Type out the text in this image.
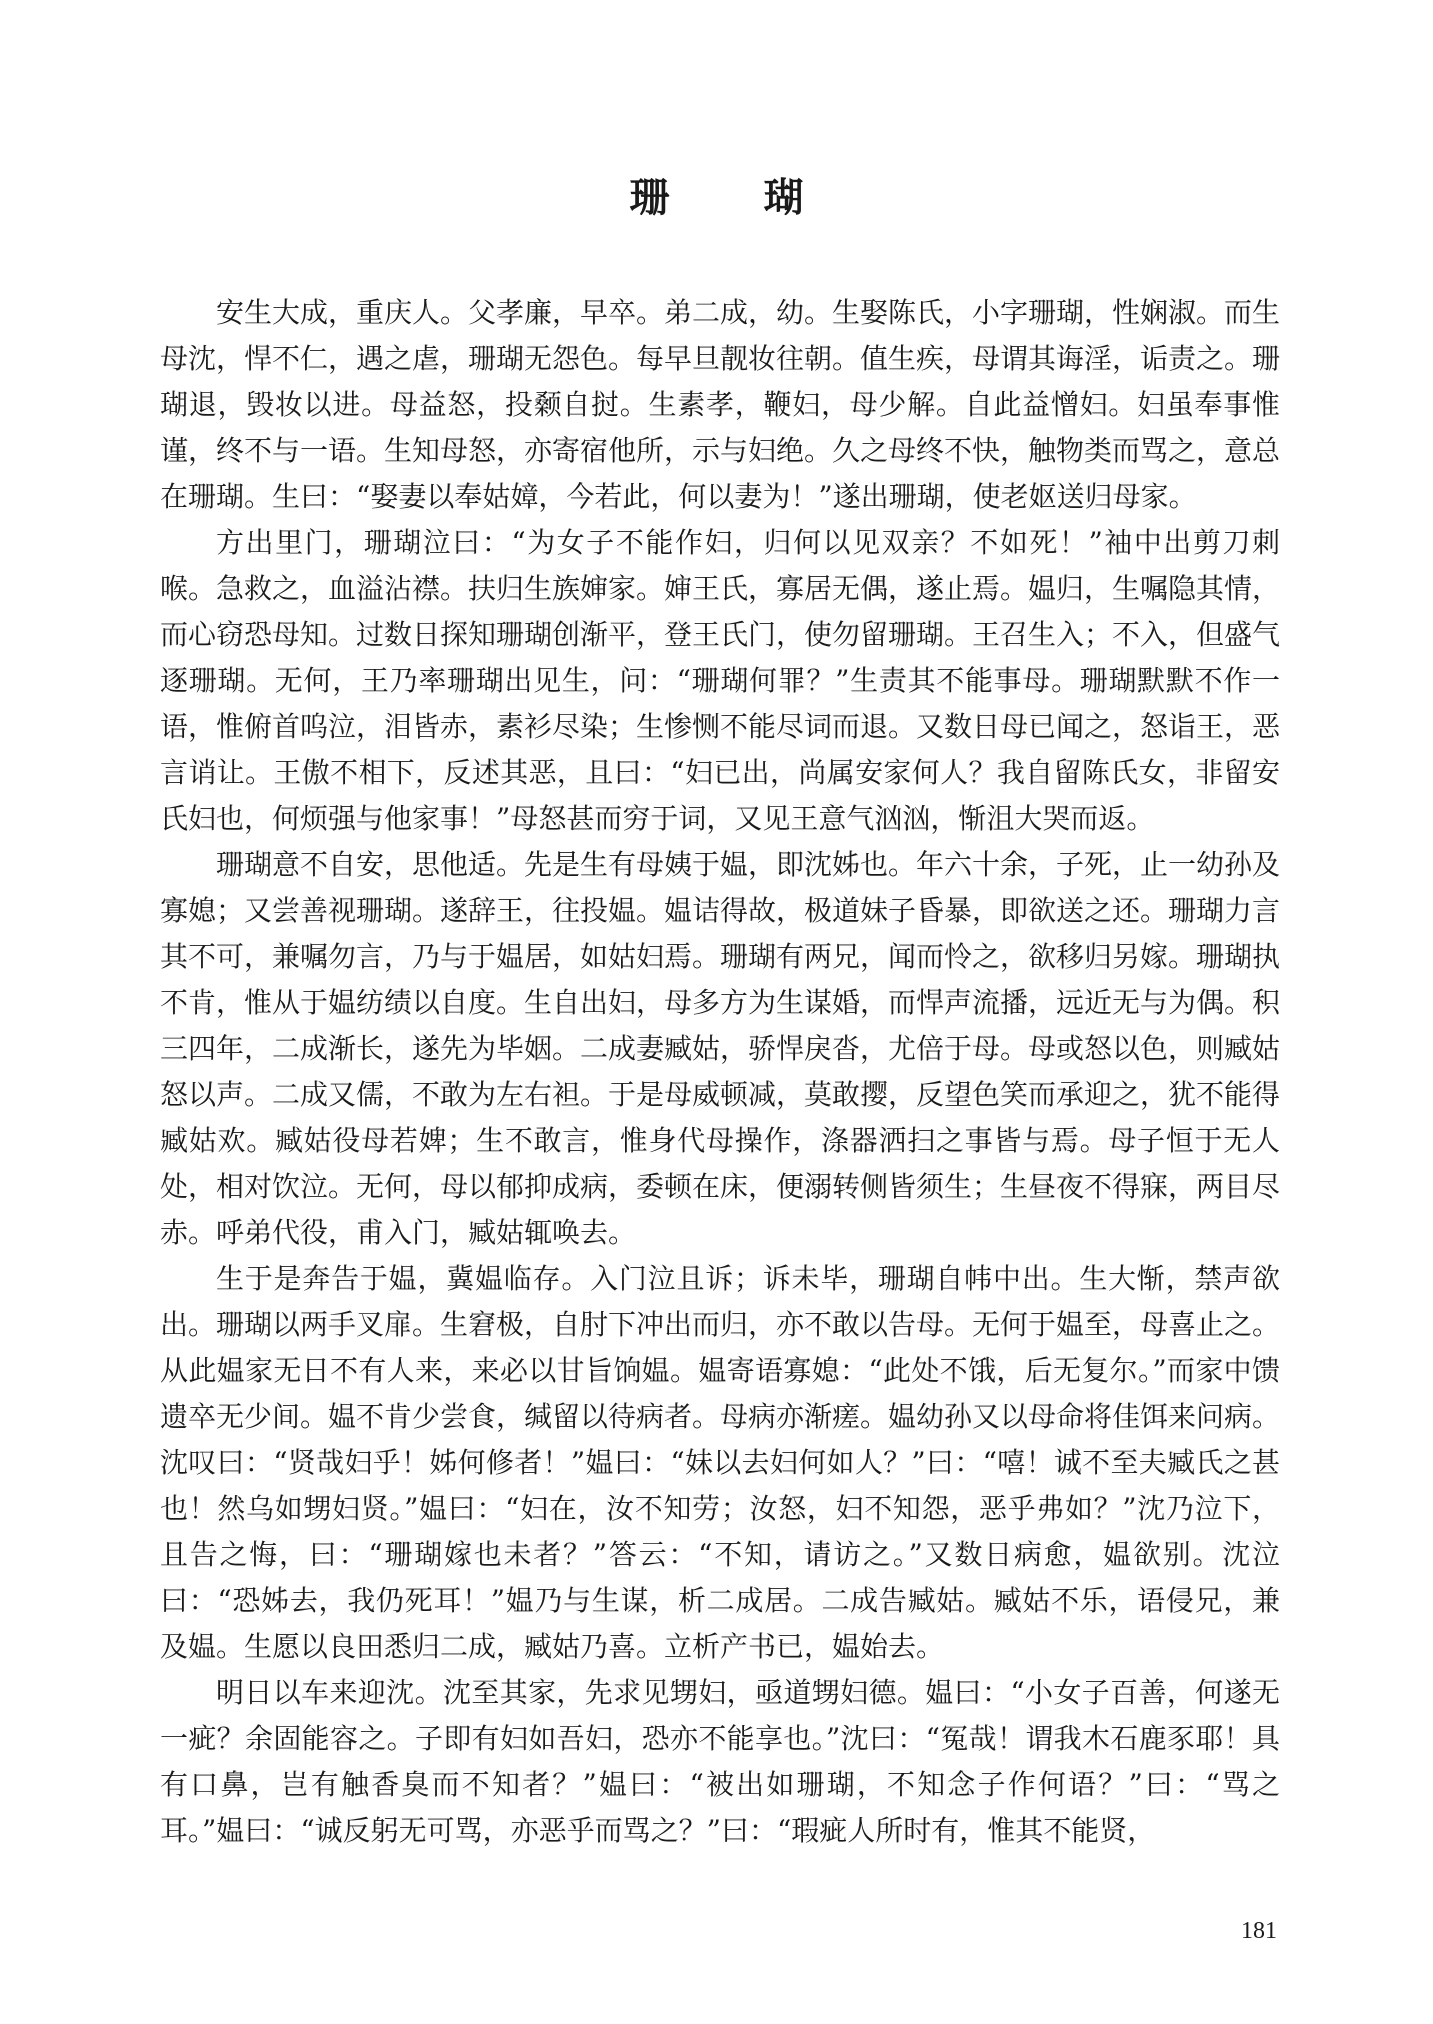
珊 瑚

安生大成，重庆人。父孝廉，早卒。弟二成，幼。生娶陈氏，小字珊瑚，性娴淑。而生母沈，悍不仁，遇之虐，珊瑚无怨色。每早旦靓妆往朝。值生疾，母谓其诲淫，诟责之。珊瑚退，毁妆以进。母益怒，投颡自挝。生素孝，鞭妇，母少解。自此益憎妇。妇虽奉事惟谨，终不与一语。生知母怒，亦寄宿他所，示与妇绝。久之母终不快，触物类而骂之，意总在珊瑚。生曰：“娶妻以奉姑嫜，今若此，何以妻为！”遂出珊瑚，使老妪送归母家。

方出里门，珊瑚泣曰：“为女子不能作妇，归何以见双亲？不如死！”袖中出剪刀刺喉。急救之，血溢沾襟。扶归生族婶家。婶王氏，寡居无偶，遂止焉。媪归，生嘱隐其情，而心窃恐母知。过数日探知珊瑚创渐平，登王氏门，使勿留珊瑚。王召生入；不入，但盛气逐珊瑚。无何，王乃率珊瑚出见生，问：“珊瑚何罪？”生责其不能事母。珊瑚默默不作一语，惟俯首呜泣，泪皆赤，素衫尽染；生惨恻不能尽词而退。又数日母已闻之，怒诣王，恶言诮让。王傲不相下，反述其恶，且曰：“妇已出，尚属安家何人？我自留陈氏女，非留安氏妇也，何烦强与他家事！”母怒甚而穷于词，又见王意气汹汹，惭沮大哭而返。

珊瑚意不自安，思他适。先是生有母姨于媪，即沈姊也。年六十余，子死，止一幼孙及寡媳；又尝善视珊瑚。遂辞王，往投媪。媪诘得故，极道妹子昏暴，即欲送之还。珊瑚力言其不可，兼嘱勿言，乃与于媪居，如姑妇焉。珊瑚有两兄，闻而怜之，欲移归另嫁。珊瑚执不肯，惟从于媪纺绩以自度。生自出妇，母多方为生谋婚，而悍声流播，远近无与为偶。积三四年，二成渐长，遂先为毕姻。二成妻臧姑，骄悍戾沓，尤倍于母。母或怒以色，则臧姑怒以声。二成又儒，不敢为左右袒。于是母威顿减，莫敢撄，反望色笑而承迎之，犹不能得臧姑欢。臧姑役母若婢；生不敢言，惟身代母操作，涤器洒扫之事皆与焉。母子恒于无人处，相对饮泣。无何，母以郁抑成病，委顿在床，便溺转侧皆须生；生昼夜不得寐，两目尽赤。呼弟代役，甫入门，臧姑辄唤去。

生于是奔告于媪，冀媪临存。入门泣且诉；诉未毕，珊瑚自帏中出。生大惭，禁声欲出。珊瑚以两手叉扉。生窘极，自肘下冲出而归，亦不敢以告母。无何于媪至，母喜止之。从此媪家无日不有人来，来必以甘旨饷媪。媪寄语寡媳：“此处不饿，后无复尔。”而家中馈遗卒无少间。媪不肯少尝食，缄留以待病者。母病亦渐瘥。媪幼孙又以母命将佳饵来问病。沈叹曰：“贤哉妇乎！姊何修者！”媪曰：“妹以去妇何如人？”曰：“嘻！诚不至夫臧氏之甚也！然乌如甥妇贤。”媪曰：“妇在，汝不知劳；汝怒，妇不知怨，恶乎弗如？”沈乃泣下，且告之悔，曰：“珊瑚嫁也未者？”答云：“不知，请访之。”又数日病愈，媪欲别。沈泣曰：“恐姊去，我仍死耳！”媪乃与生谋，析二成居。二成告臧姑。臧姑不乐，语侵兄，兼及媪。生愿以良田悉归二成，臧姑乃喜。立析产书已，媪始去。

明日以车来迎沈。沈至其家，先求见甥妇，亟道甥妇德。媪曰：“小女子百善，何遂无一疵？余固能容之。子即有妇如吾妇，恐亦不能享也。”沈曰：“冤哉！谓我木石鹿豕耶！具有口鼻，岂有触香臭而不知者？”媪曰：“被出如珊瑚，不知念子作何语？”曰：“骂之耳。”媪曰：“诚反躬无可骂，亦恶乎而骂之？”曰：“瑕疵人所时有，惟其不能贤，

181
